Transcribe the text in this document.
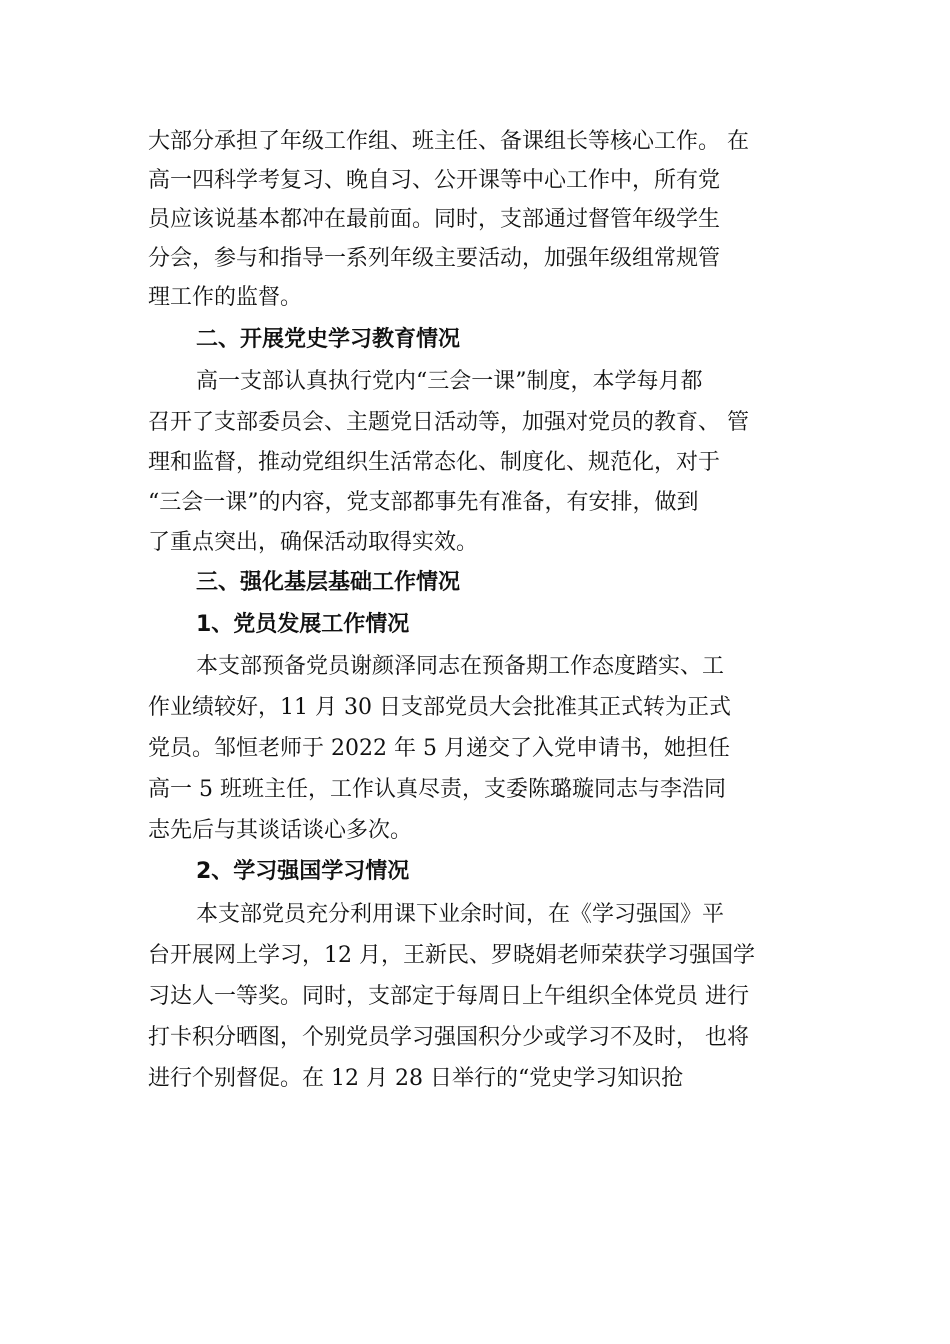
大部分承担了年级工作组、班主任、备课组长等核心工作。 在
高一四科学考复习、晚自习、公开课等中心工作中，所有党
员应该说基本都冲在最前面。同时，支部通过督管年级学生
分会，参与和指导一系列年级主要活动，加强年级组常规管
理工作的监督。
二、开展党史学习教育情况
高一支部认真执行党内“三会一课”制度，本学每月都
召开了支部委员会、主题党日活动等，加强对党员的教育、 管
理和监督，推动党组织生活常态化、制度化、规范化，对于
“三会一课”的内容，党支部都事先有准备，有安排，做到
了重点突出，确保活动取得实效。
三、强化基层基础工作情况
1、党员发展工作情况
本支部预备党员谢颜泽同志在预备期工作态度踏实、工
作业绩较好，11 月 30 日支部党员大会批准其正式转为正式
党员。邹恒老师于 2022 年 5 月递交了入党申请书，她担任
高一 5 班班主任，工作认真尽责，支委陈璐璇同志与李浩同
志先后与其谈话谈心多次。
2、学习强国学习情况
本支部党员充分利用课下业余时间，在《学习强国》平
台开展网上学习，12 月，王新民、罗晓娟老师荣获学习强国学
习达人一等奖。同时，支部定于每周日上午组织全体党员 进行
打卡积分晒图，个别党员学习强国积分少或学习不及时， 也将
进行个别督促。在 12 月 28 日举行的“党史学习知识抢
